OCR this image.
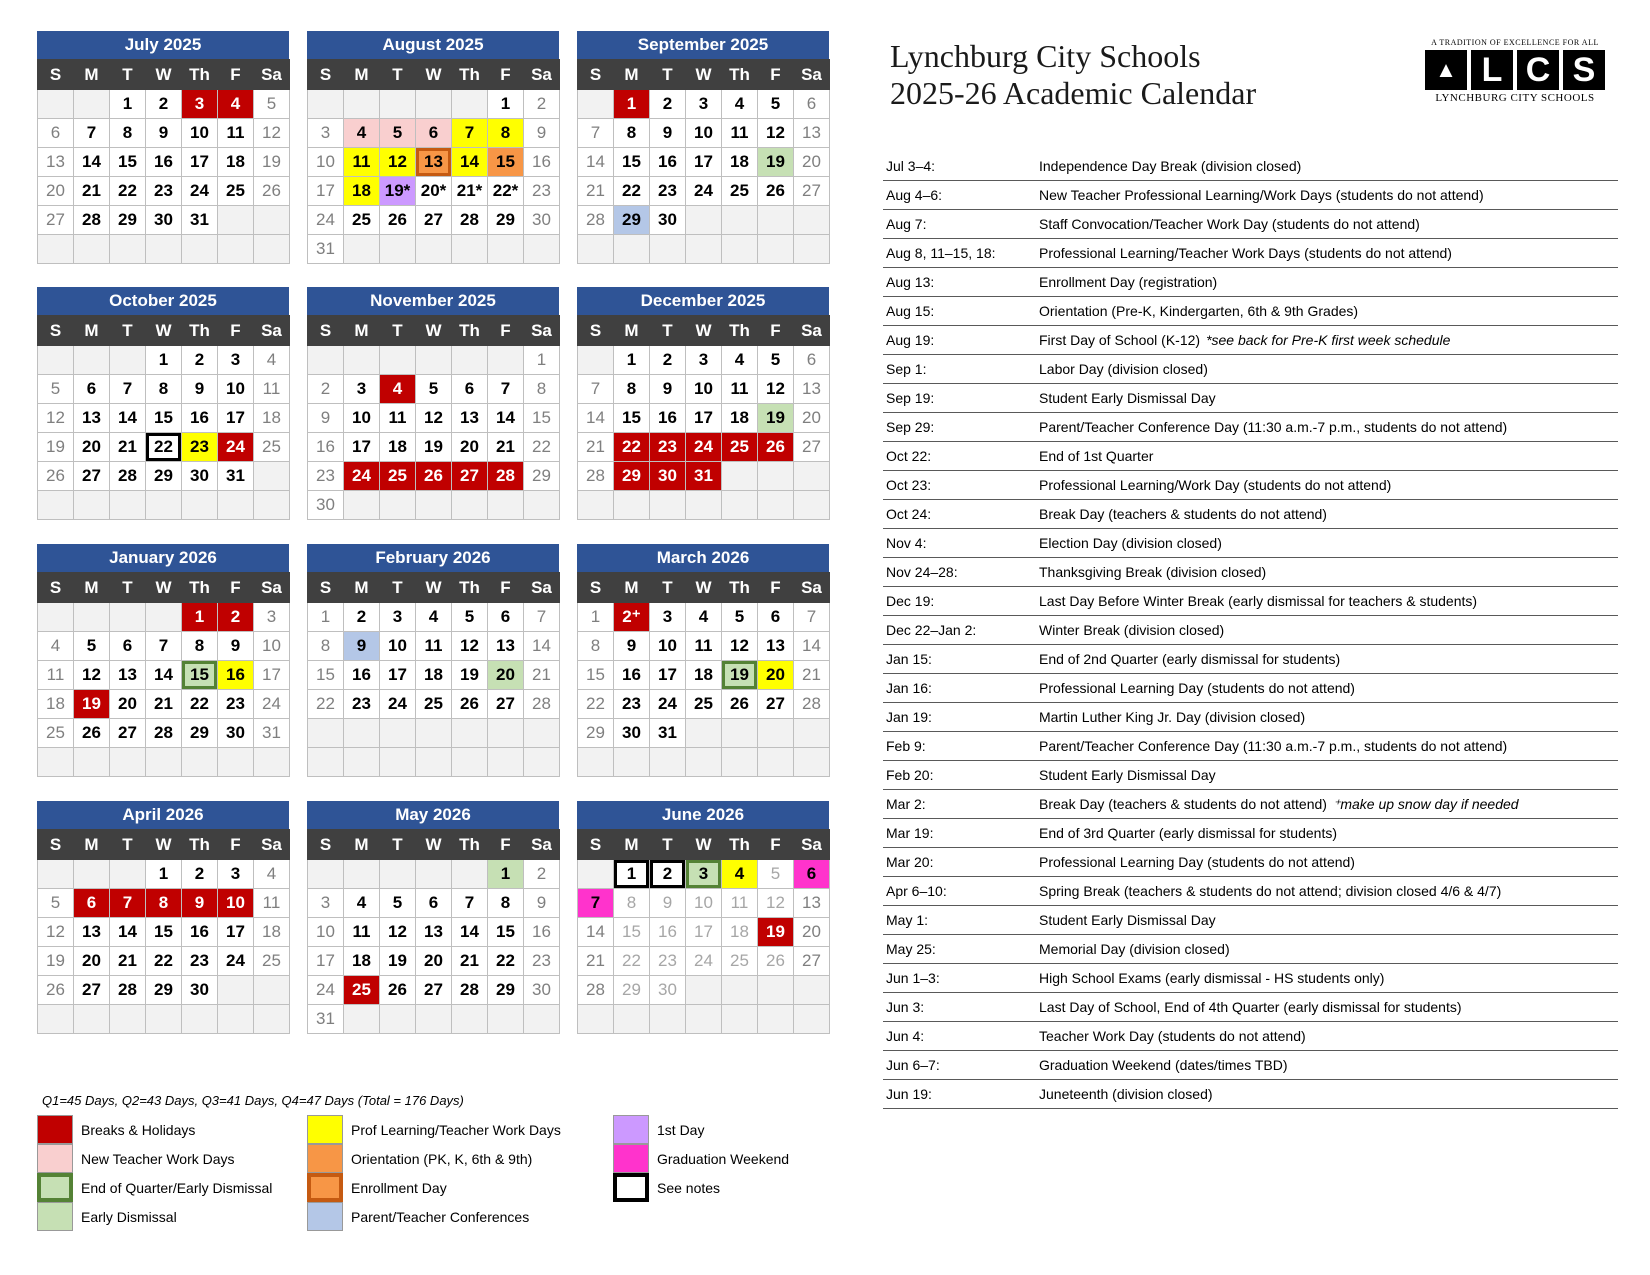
July 2025
S	M	T	W	Th	F	Sa
		1	2	3	4	5
6	7	8	9	10	11	12
13	14	15	16	17	18	19
20	21	22	23	24	25	26
27	28	29	30	31		

August 2025
S	M	T	W	Th	F	Sa
					1	2
3	4	5	6	7	8	9
10	11	12	13	14	15	16
17	18	19*	20*	21*	22*	23
24	25	26	27	28	29	30
31						
September 2025
S	M	T	W	Th	F	Sa
	1	2	3	4	5	6
7	8	9	10	11	12	13
14	15	16	17	18	19	20
21	22	23	24	25	26	27
28	29	30				

October 2025
S	M	T	W	Th	F	Sa
			1	2	3	4
5	6	7	8	9	10	11
12	13	14	15	16	17	18
19	20	21	22	23	24	25
26	27	28	29	30	31	

November 2025
S	M	T	W	Th	F	Sa
						1
2	3	4	5	6	7	8
9	10	11	12	13	14	15
16	17	18	19	20	21	22
23	24	25	26	27	28	29
30						
December 2025
S	M	T	W	Th	F	Sa
	1	2	3	4	5	6
7	8	9	10	11	12	13
14	15	16	17	18	19	20
21	22	23	24	25	26	27
28	29	30	31			

January 2026
S	M	T	W	Th	F	Sa
				1	2	3
4	5	6	7	8	9	10
11	12	13	14	15	16	17
18	19	20	21	22	23	24
25	26	27	28	29	30	31

February 2026
S	M	T	W	Th	F	Sa
1	2	3	4	5	6	7
8	9	10	11	12	13	14
15	16	17	18	19	20	21
22	23	24	25	26	27	28

March 2026
S	M	T	W	Th	F	Sa
1	2⁺	3	4	5	6	7
8	9	10	11	12	13	14
15	16	17	18	19	20	21
22	23	24	25	26	27	28
29	30	31				

April 2026
S	M	T	W	Th	F	Sa
			1	2	3	4
5	6	7	8	9	10	11
12	13	14	15	16	17	18
19	20	21	22	23	24	25
26	27	28	29	30		

May 2026
S	M	T	W	Th	F	Sa
					1	2
3	4	5	6	7	8	9
10	11	12	13	14	15	16
17	18	19	20	21	22	23
24	25	26	27	28	29	30
31						
June 2026
S	M	T	W	Th	F	Sa
	1	2	3	4	5	6
7	8	9	10	11	12	13
14	15	16	17	18	19	20
21	22	23	24	25	26	27
28	29	30				

Lynchburg City Schools
2025-26 Academic Calendar
A TRADITION OF EXCELLENCE FOR ALL
▲ L C S
LYNCHBURG CITY SCHOOLS
Jul 3–4:	Independence Day Break (division closed)
Aug 4–6:	New Teacher Professional Learning/Work Days (students do not attend)
Aug 7:	Staff Convocation/Teacher Work Day (students do not attend)
Aug 8, 11–15, 18:	Professional Learning/Teacher Work Days (students do not attend)
Aug 13:	Enrollment Day (registration)
Aug 15:	Orientation (Pre-K, Kindergarten, 6th & 9th Grades)
Aug 19:	First Day of School (K-12) *see back for Pre-K first week schedule
Sep 1:	Labor Day (division closed)
Sep 19:	Student Early Dismissal Day
Sep 29:	Parent/Teacher Conference Day (11:30 a.m.-7 p.m., students do not attend)
Oct 22:	End of 1st Quarter
Oct 23:	Professional Learning/Work Day (students do not attend)
Oct 24:	Break Day (teachers & students do not attend)
Nov 4:	Election Day (division closed)
Nov 24–28:	Thanksgiving Break (division closed)
Dec 19:	Last Day Before Winter Break (early dismissal for teachers & students)
Dec 22–Jan 2:	Winter Break (division closed)
Jan 15:	End of 2nd Quarter (early dismissal for students)
Jan 16:	Professional Learning Day (students do not attend)
Jan 19:	Martin Luther King Jr. Day (division closed)
Feb 9:	Parent/Teacher Conference Day (11:30 a.m.-7 p.m., students do not attend)
Feb 20:	Student Early Dismissal Day
Mar 2:	Break Day (teachers & students do not attend) ⁺make up snow day if needed
Mar 19:	End of 3rd Quarter (early dismissal for students)
Mar 20:	Professional Learning Day (students do not attend)
Apr 6–10:	Spring Break (teachers & students do not attend; division closed 4/6 & 4/7)
May 1:	Student Early Dismissal Day
May 25:	Memorial Day (division closed)
Jun 1–3:	High School Exams (early dismissal - HS students only)
Jun 3:	Last Day of School, End of 4th Quarter (early dismissal for students)
Jun 4:	Teacher Work Day (students do not attend)
Jun 6–7:	Graduation Weekend (dates/times TBD)
Jun 19:	Juneteenth (division closed)
Q1=45 Days, Q2=43 Days, Q3=41 Days, Q4=47 Days (Total = 176 Days)
Breaks & Holidays
New Teacher Work Days
End of Quarter/Early Dismissal
Early Dismissal
Prof Learning/Teacher Work Days
Orientation (PK, K, 6th & 9th)
Enrollment Day
Parent/Teacher Conferences
1st Day
Graduation Weekend
See notes
